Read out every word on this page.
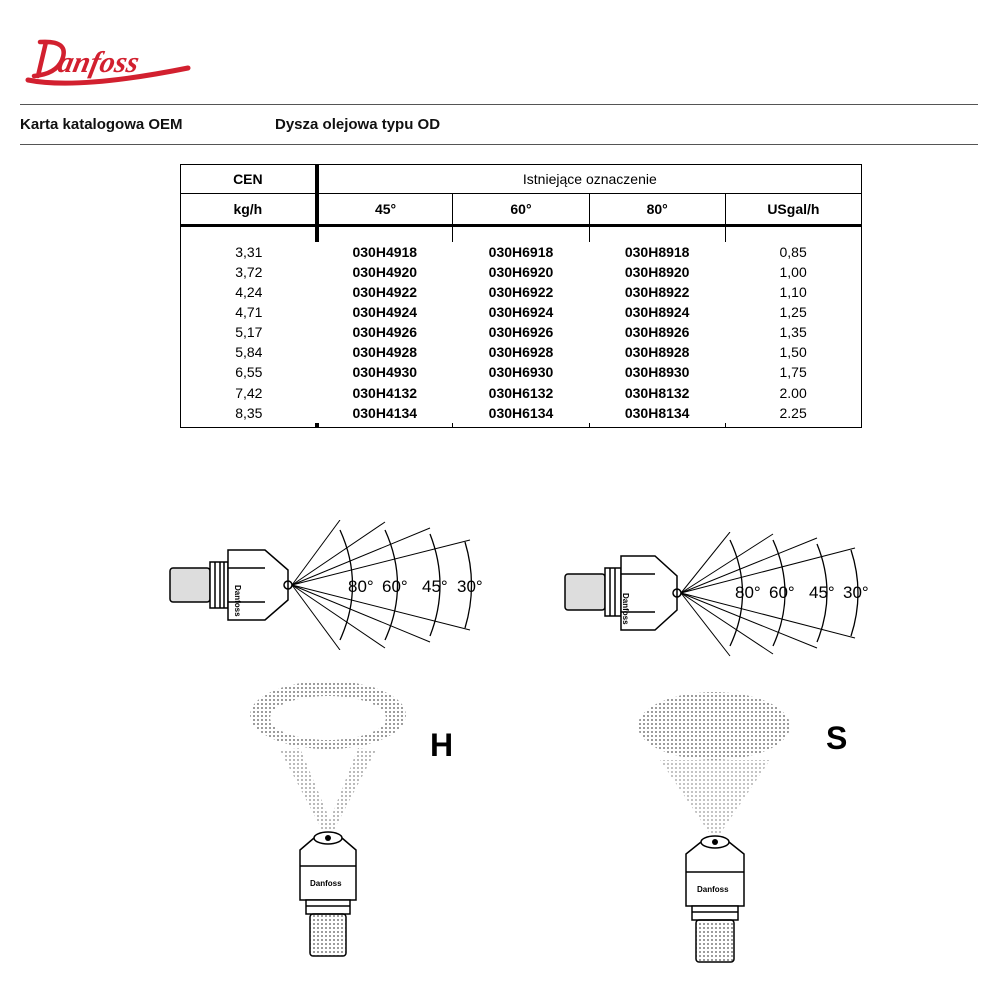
anfoss
Karta katalogowa OEM	Dysza olejowa typu OD
CEN	Istniejące oznaczenie			
kg/h	45°	60°	80°	USgal/h

3,31	030H4918	030H6918	030H8918	0,85
3,72	030H4920	030H6920	030H8920	1,00
4,24	030H4922	030H6922	030H8922	1,10
4,71	030H4924	030H6924	030H8924	1,25
5,17	030H4926	030H6926	030H8926	1,35
5,84	030H4928	030H6928	030H8928	1,50
6,55	030H4930	030H6930	030H8930	1,75
7,42	030H4132	030H6132	030H8132	2.00
8,35	030H4134	030H6134	030H8134	2.25

Danfoss	80° 60° 45° 30°
Danfoss
80° 60° 45° 30°
Danfoss
H
Danfoss
S
